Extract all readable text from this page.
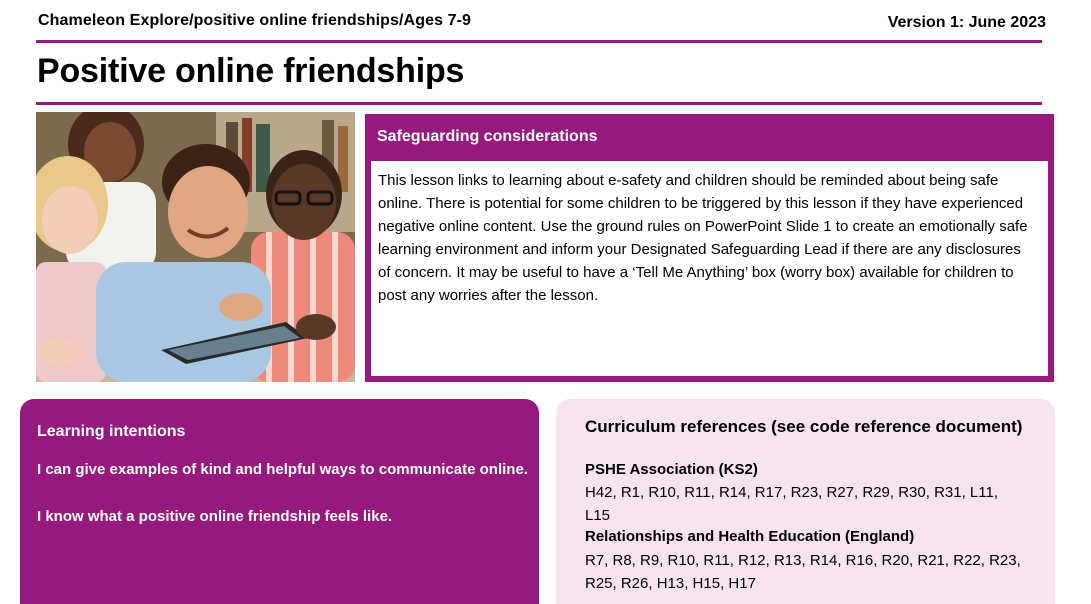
Chameleon Explore/positive online friendships/Ages 7-9	Version 1: June 2023
Positive online friendships
Safeguarding considerations
This lesson links to learning about e-safety and children should be reminded about being safe online. There is potential for some children to be triggered by this lesson if they have experienced negative online content. Use the ground rules on PowerPoint Slide 1 to create an emotionally safe learning environment and inform your Designated Safeguarding Lead if there are any disclosures of concern. It may be useful to have a ‘Tell Me Anything’ box (worry box) available for children to post any worries after the lesson.
Learning intentions
I can give examples of kind and helpful ways to communicate online.
I know what a positive online friendship feels like.
Curriculum references (see code reference document)
PSHE Association (KS2)
H42, R1, R10, R11, R14, R17, R23, R27, R29, R30, R31, L11, L15
Relationships and Health Education (England)
R7, R8, R9, R10, R11, R12, R13, R14, R16, R20, R21, R22, R23, R25, R26, H13, H15, H17
